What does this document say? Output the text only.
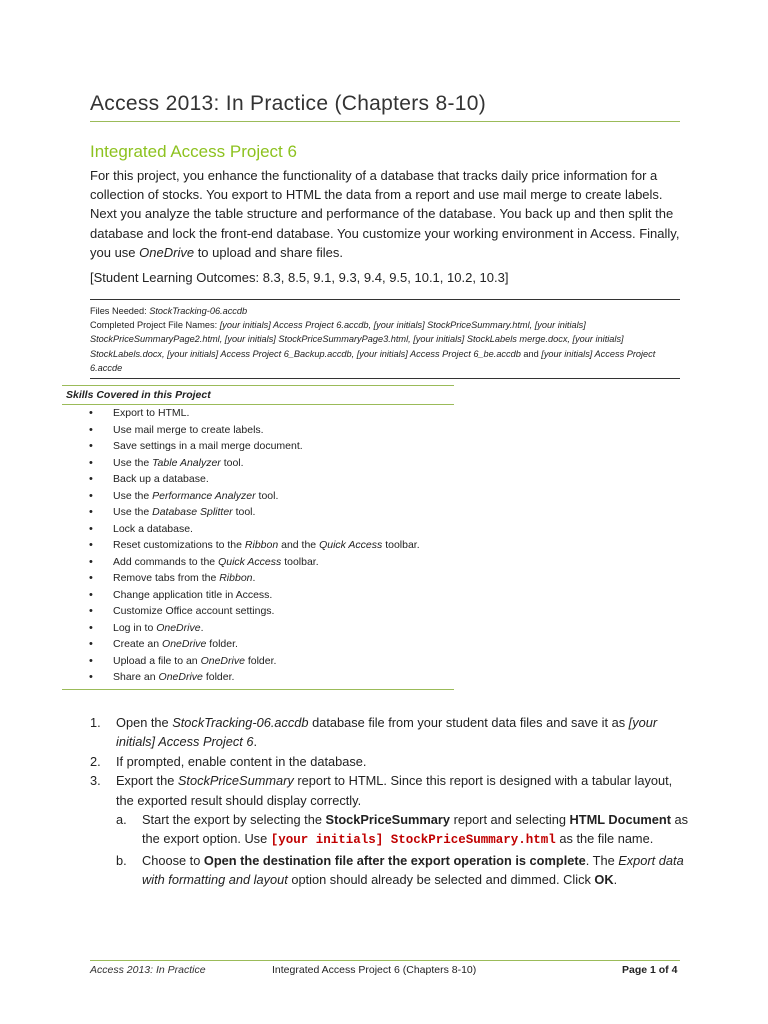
Access 2013: In Practice (Chapters 8-10)
Integrated Access Project 6
For this project, you enhance the functionality of a database that tracks daily price information for a collection of stocks. You export to HTML the data from a report and use mail merge to create labels. Next you analyze the table structure and performance of the database. You back up and then split the database and lock the front-end database. You customize your working environment in Access. Finally, you use OneDrive to upload and share files.
[Student Learning Outcomes: 8.3, 8.5, 9.1, 9.3, 9.4, 9.5, 10.1, 10.2, 10.3]
Files Needed: StockTracking-06.accdb
Completed Project File Names: [your initials] Access Project 6.accdb, [your initials] StockPriceSummary.html, [your initials] StockPriceSummaryPage2.html, [your initials] StockPriceSummaryPage3.html, [your initials] StockLabels merge.docx, [your initials] StockLabels.docx, [your initials] Access Project 6_Backup.accdb, [your initials] Access Project 6_be.accdb and [your initials] Access Project 6.accde
Skills Covered in this Project
• Export to HTML.
• Use mail merge to create labels.
• Save settings in a mail merge document.
• Use the Table Analyzer tool.
• Back up a database.
• Use the Performance Analyzer tool.
• Use the Database Splitter tool.
• Lock a database.
• Reset customizations to the Ribbon and the Quick Access toolbar.
• Add commands to the Quick Access toolbar.
• Remove tabs from the Ribbon.
• Change application title in Access.
• Customize Office account settings.
• Log in to OneDrive.
• Create an OneDrive folder.
• Upload a file to an OneDrive folder.
• Share an OneDrive folder.
1. Open the StockTracking-06.accdb database file from your student data files and save it as [your initials] Access Project 6.
2. If prompted, enable content in the database.
3. Export the StockPriceSummary report to HTML. Since this report is designed with a tabular layout, the exported result should display correctly.
a. Start the export by selecting the StockPriceSummary report and selecting HTML Document as the export option. Use [your initials] StockPriceSummary.html as the file name.
b. Choose to Open the destination file after the export operation is complete. The Export data with formatting and layout option should already be selected and dimmed. Click OK.
Access 2013: In Practice	Integrated Access Project 6 (Chapters 8-10)	Page 1 of 4
